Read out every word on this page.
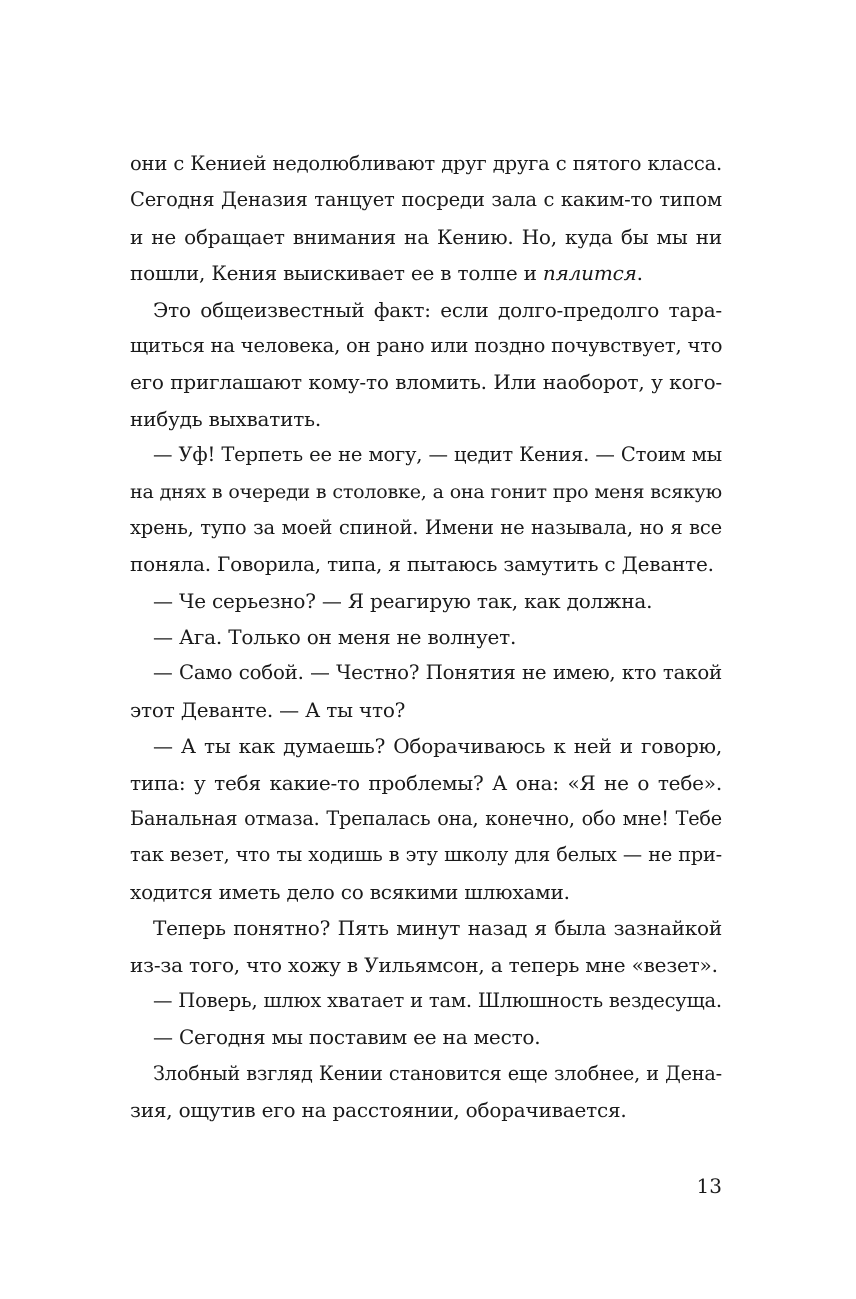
они с Кенией недолюбливают друг друга с пятого класса.
Сегодня Деназия танцует посреди зала с каким-то типом
и не обращает внимания на Кению. Но, куда бы мы ни
пошли, Кения выискивает ее в толпе и пялится.
Это общеизвестный факт: если долго-предолго тара-
щиться на человека, он рано или поздно почувствует, что
его приглашают кому-то вломить. Или наоборот, у кого-
нибудь выхватить.
— Уф! Терпеть ее не могу, — цедит Кения. — Стоим мы
на днях в очереди в столовке, а она гонит про меня всякую
хрень, тупо за моей спиной. Имени не называла, но я все
поняла. Говорила, типа, я пытаюсь замутить с Деванте.
— Че серьезно? — Я реагирую так, как должна.
— Ага. Только он меня не волнует.
— Само собой. — Честно? Понятия не имею, кто такой
этот Деванте. — А ты что?
— А ты как думаешь? Оборачиваюсь к ней и говорю,
типа: у тебя какие-то проблемы? А она: «Я не о тебе».
Банальная отмаза. Трепалась она, конечно, обо мне! Тебе
так везет, что ты ходишь в эту школу для белых — не при-
ходится иметь дело со всякими шлюхами.
Теперь понятно? Пять минут назад я была зазнайкой
из-за того, что хожу в Уильямсон, а теперь мне «везет».
— Поверь, шлюх хватает и там. Шлюшность вездесуща.
— Сегодня мы поставим ее на место.
Злобный взгляд Кении становится еще злобнее, и Дена-
зия, ощутив его на расстоянии, оборачивается.
13
